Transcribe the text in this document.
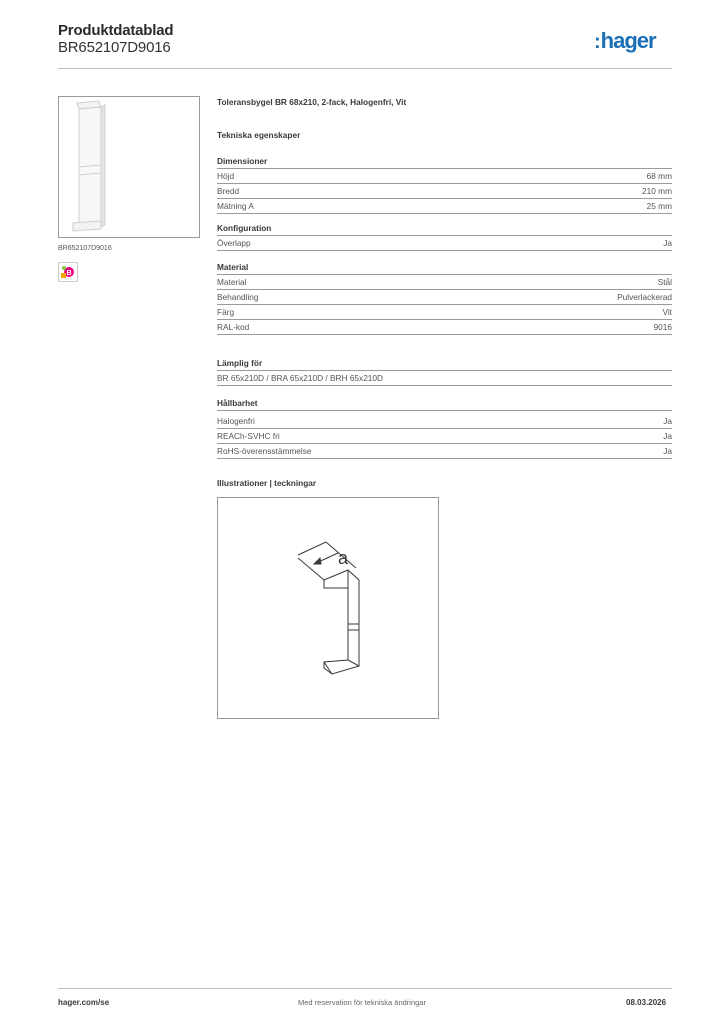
Produktdatablad
BR652107D9016	:hager
BR652107D9016
B
Toleransbygel BR 68x210, 2-fack, Halogenfri, Vit
Tekniska egenskaper
Dimensioner
Höjd	68 mm
Bredd	210 mm
Mätning A	25 mm
Konfiguration
Överlapp	Ja
Material
Material	Stål
Behandling	Pulverlackerad
Färg	Vit
RAL-kod	9016
Lämplig för
BR 65x210D / BRA 65x210D / BRH 65x210D
Hållbarhet
Halogenfri	Ja
REACh-SVHC fri	Ja
RoHS-överensstämmelse	Ja
Illustrationer | teckningar
a
hager.com/se	Med reservation för tekniska ändringar	08.03.2026
